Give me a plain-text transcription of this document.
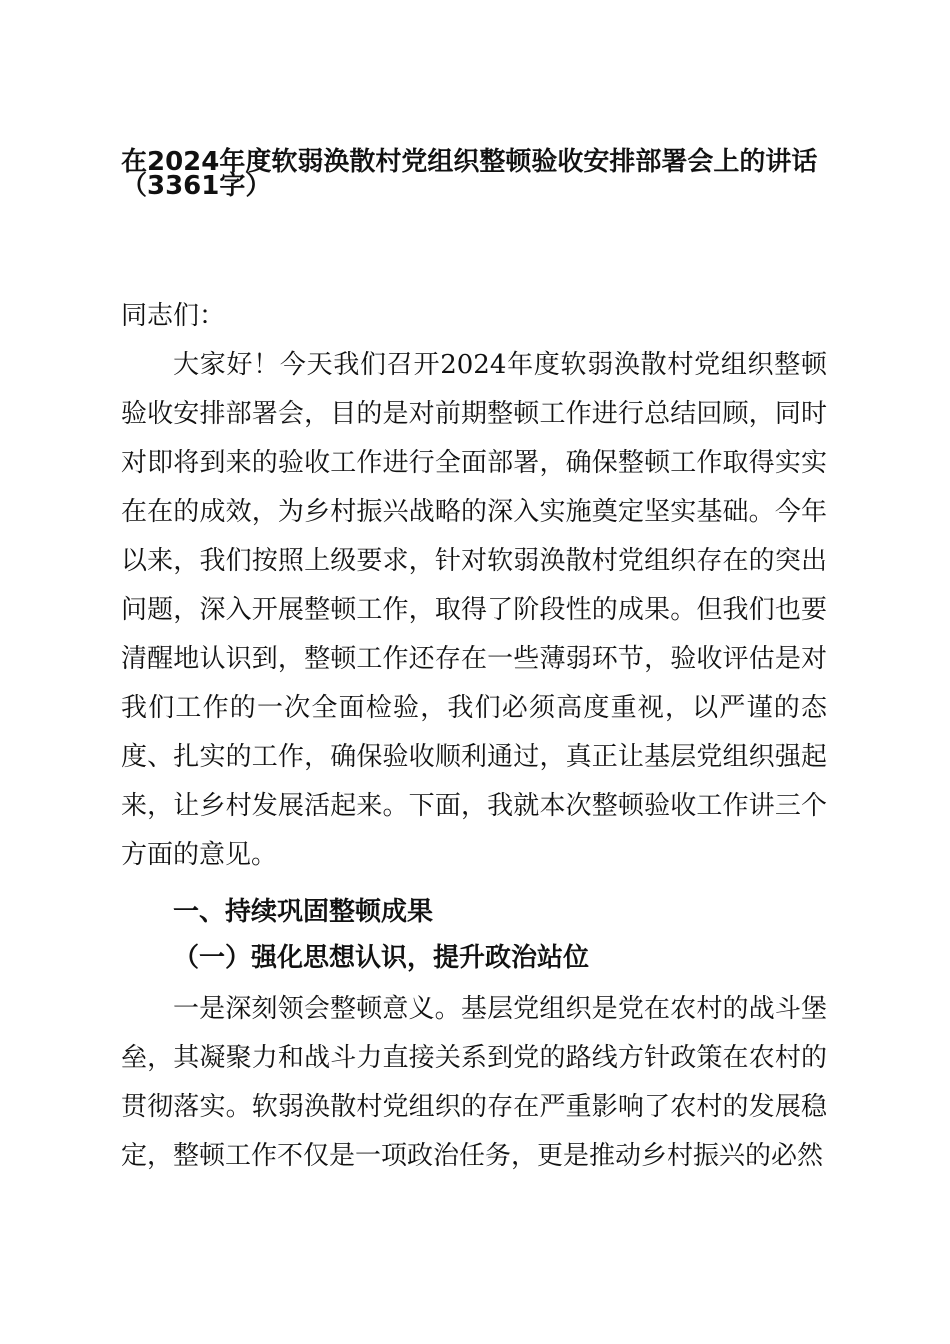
在2024年度软弱涣散村党组织整顿验收安排部署会上的讲话
（3361字）
同志们：

大家好！今天我们召开2024年度软弱涣散村党组织整顿验收安排部署会，目的是对前期整顿工作进行总结回顾，同时对即将到来的验收工作进行全面部署，确保整顿工作取得实实在在的成效，为乡村振兴战略的深入实施奠定坚实基础。今年以来，我们按照上级要求，针对软弱涣散村党组织存在的突出问题，深入开展整顿工作，取得了阶段性的成果。但我们也要清醒地认识到，整顿工作还存在一些薄弱环节，验收评估是对我们工作的一次全面检验，我们必须高度重视，以严谨的态度、扎实的工作，确保验收顺利通过，真正让基层党组织强起来，让乡村发展活起来。下面，我就本次整顿验收工作讲三个方面的意见。

一、持续巩固整顿成果
（一）强化思想认识，提升政治站位

一是深刻领会整顿意义。基层党组织是党在农村的战斗堡垒，其凝聚力和战斗力直接关系到党的路线方针政策在农村的贯彻落实。软弱涣散村党组织的存在严重影响了农村的发展稳定，整顿工作不仅是一项政治任务，更是推动乡村振兴的必然
